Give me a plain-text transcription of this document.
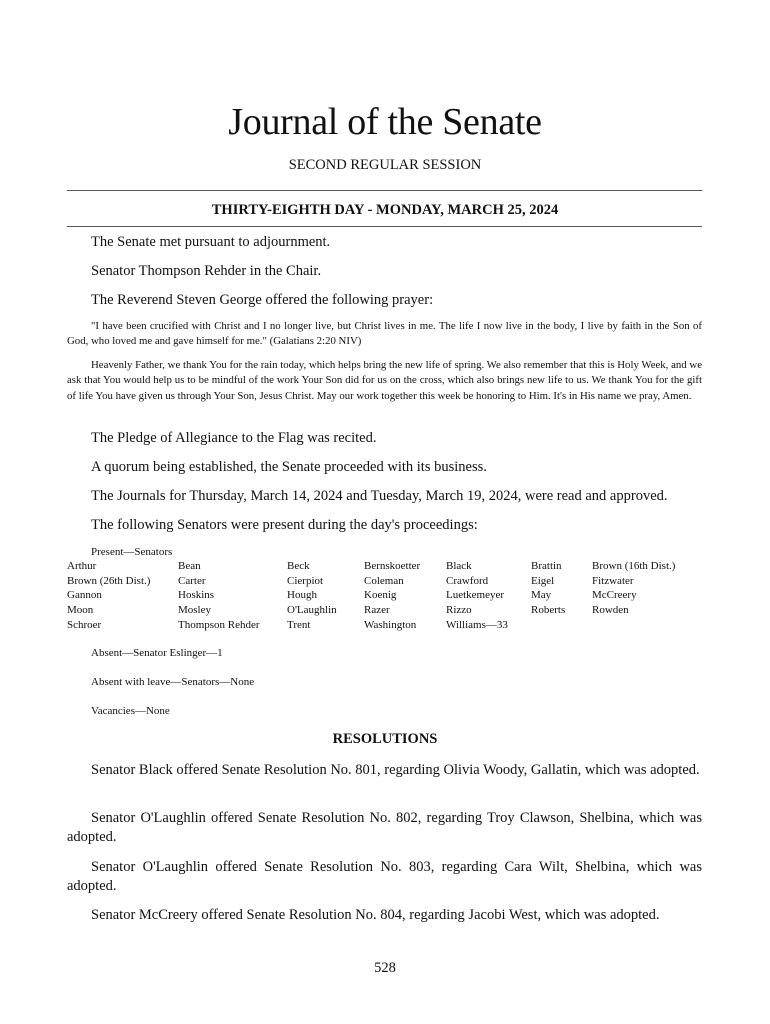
Journal of the Senate
SECOND REGULAR SESSION
THIRTY-EIGHTH DAY - MONDAY, MARCH 25, 2024
The Senate met pursuant to adjournment.
Senator Thompson Rehder in the Chair.
The Reverend Steven George offered the following prayer:
"I have been crucified with Christ and I no longer live, but Christ lives in me. The life I now live in the body, I live by faith in the Son of God, who loved me and gave himself for me." (Galatians 2:20 NIV)
Heavenly Father, we thank You for the rain today, which helps bring the new life of spring. We also remember that this is Holy Week, and we ask that You would help us to be mindful of the work Your Son did for us on the cross, which also brings new life to us. We thank You for the gift of life You have given us through Your Son, Jesus Christ. May our work together this week be honoring to Him. It's in His name we pray, Amen.
The Pledge of Allegiance to the Flag was recited.
A quorum being established, the Senate proceeded with its business.
The Journals for Thursday, March 14, 2024 and Tuesday, March 19, 2024, were read and approved.
The following Senators were present during the day's proceedings:
Present—Senators
Arthur	Bean	Beck	Bernskoetter	Black	Brattin	Brown (16th Dist.)
Brown (26th Dist.)	Carter	Cierpiot	Coleman	Crawford	Eigel	Fitzwater
Gannon	Hoskins	Hough	Koenig	Luetkemeyer	May	McCreery
Moon	Mosley	O'Laughlin	Razer	Rizzo	Roberts	Rowden
Schroer	Thompson Rehder	Trent	Washington	Williams—33		
Absent—Senator Eslinger—1
Absent with leave—Senators—None
Vacancies—None
RESOLUTIONS
Senator Black offered Senate Resolution No. 801, regarding Olivia Woody, Gallatin, which was adopted.
Senator O'Laughlin offered Senate Resolution No. 802, regarding Troy Clawson, Shelbina, which was adopted.
Senator O'Laughlin offered Senate Resolution No. 803, regarding Cara Wilt, Shelbina, which was adopted.
Senator McCreery offered Senate Resolution No. 804, regarding Jacobi West, which was adopted.
528
